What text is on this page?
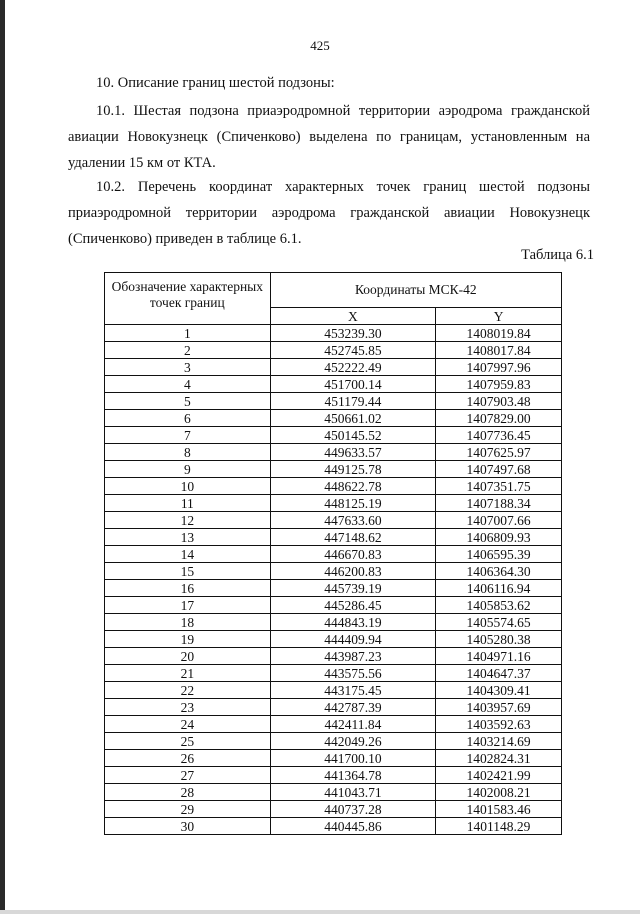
425
10. Описание границ шестой подзоны:
10.1. Шестая подзона приаэродромной территории аэродрома гражданской авиации Новокузнецк (Спиченково) выделена по границам, установленным на удалении 15 км от КТА.
10.2. Перечень координат характерных точек границ шестой подзоны приаэродромной территории аэродрома гражданской авиации Новокузнецк (Спиченково) приведен в таблице 6.1.
Таблица 6.1
Обозначение характерных точек границ	Координаты МСК-42	
	X	Y
1	453239.30	1408019.84
2	452745.85	1408017.84
3	452222.49	1407997.96
4	451700.14	1407959.83
5	451179.44	1407903.48
6	450661.02	1407829.00
7	450145.52	1407736.45
8	449633.57	1407625.97
9	449125.78	1407497.68
10	448622.78	1407351.75
11	448125.19	1407188.34
12	447633.60	1407007.66
13	447148.62	1406809.93
14	446670.83	1406595.39
15	446200.83	1406364.30
16	445739.19	1406116.94
17	445286.45	1405853.62
18	444843.19	1405574.65
19	444409.94	1405280.38
20	443987.23	1404971.16
21	443575.56	1404647.37
22	443175.45	1404309.41
23	442787.39	1403957.69
24	442411.84	1403592.63
25	442049.26	1403214.69
26	441700.10	1402824.31
27	441364.78	1402421.99
28	441043.71	1402008.21
29	440737.28	1401583.46
30	440445.86	1401148.29
